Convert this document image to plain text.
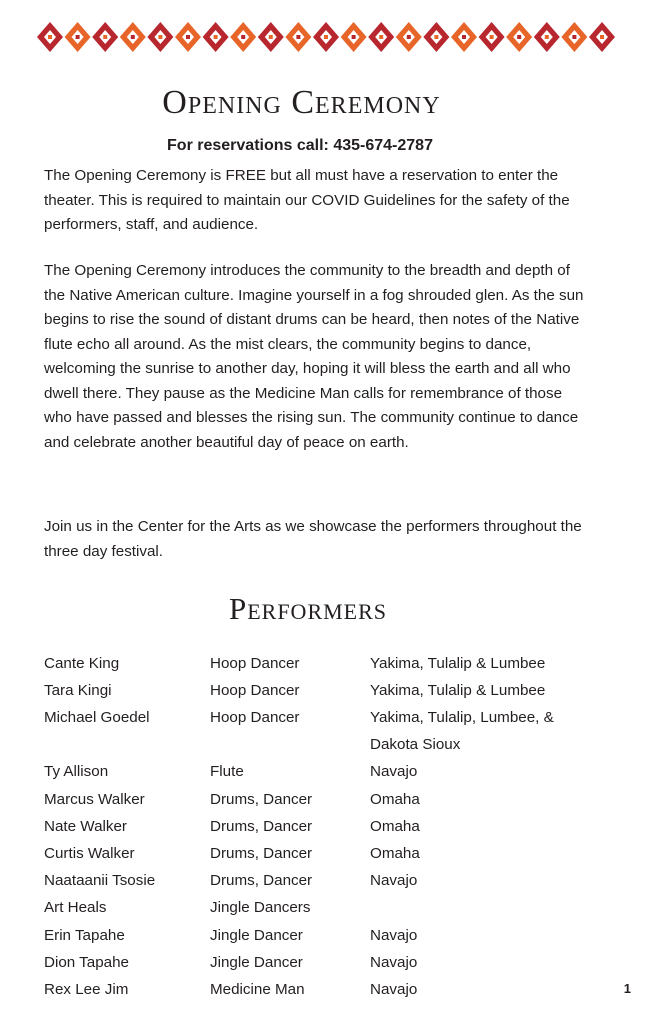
Opening Ceremony
For reservations call: 435-674-2787

The Opening Ceremony is FREE but all must have a reservation to enter the theater. This is required to maintain our COVID Guidelines for the safety of the performers, staff, and audience.

The Opening Ceremony introduces the community to the breadth and depth of the Native American culture. Imagine yourself in a fog shrouded glen. As the sun begins to rise the sound of distant drums can be heard, then notes of the Native flute echo all around. As the mist clears, the community begins to dance, welcoming the sunrise to another day, hoping it will bless the earth and all who dwell there. They pause as the Medicine Man calls for remembrance of those who have passed and blesses the rising sun. The community continue to dance and celebrate another beautiful day of peace on earth.

Join us in the Center for the Arts as we showcase the performers throughout the three day festival.

Performers
Cante King	Hoop Dancer	Yakima, Tulalip & Lumbee
Tara Kingi	Hoop Dancer	Yakima, Tulalip & Lumbee
Michael Goedel	Hoop Dancer	Yakima, Tulalip, Lumbee, & Dakota Sioux
Ty Allison	Flute	Navajo
Marcus Walker	Drums, Dancer	Omaha
Nate Walker	Drums, Dancer	Omaha
Curtis Walker	Drums, Dancer	Omaha
Naataanii Tsosie	Drums, Dancer	Navajo
Art Heals	Jingle Dancers
Erin Tapahe	Jingle Dancer	Navajo
Dion Tapahe	Jingle Dancer	Navajo
Rex Lee Jim	Medicine Man	Navajo	1
